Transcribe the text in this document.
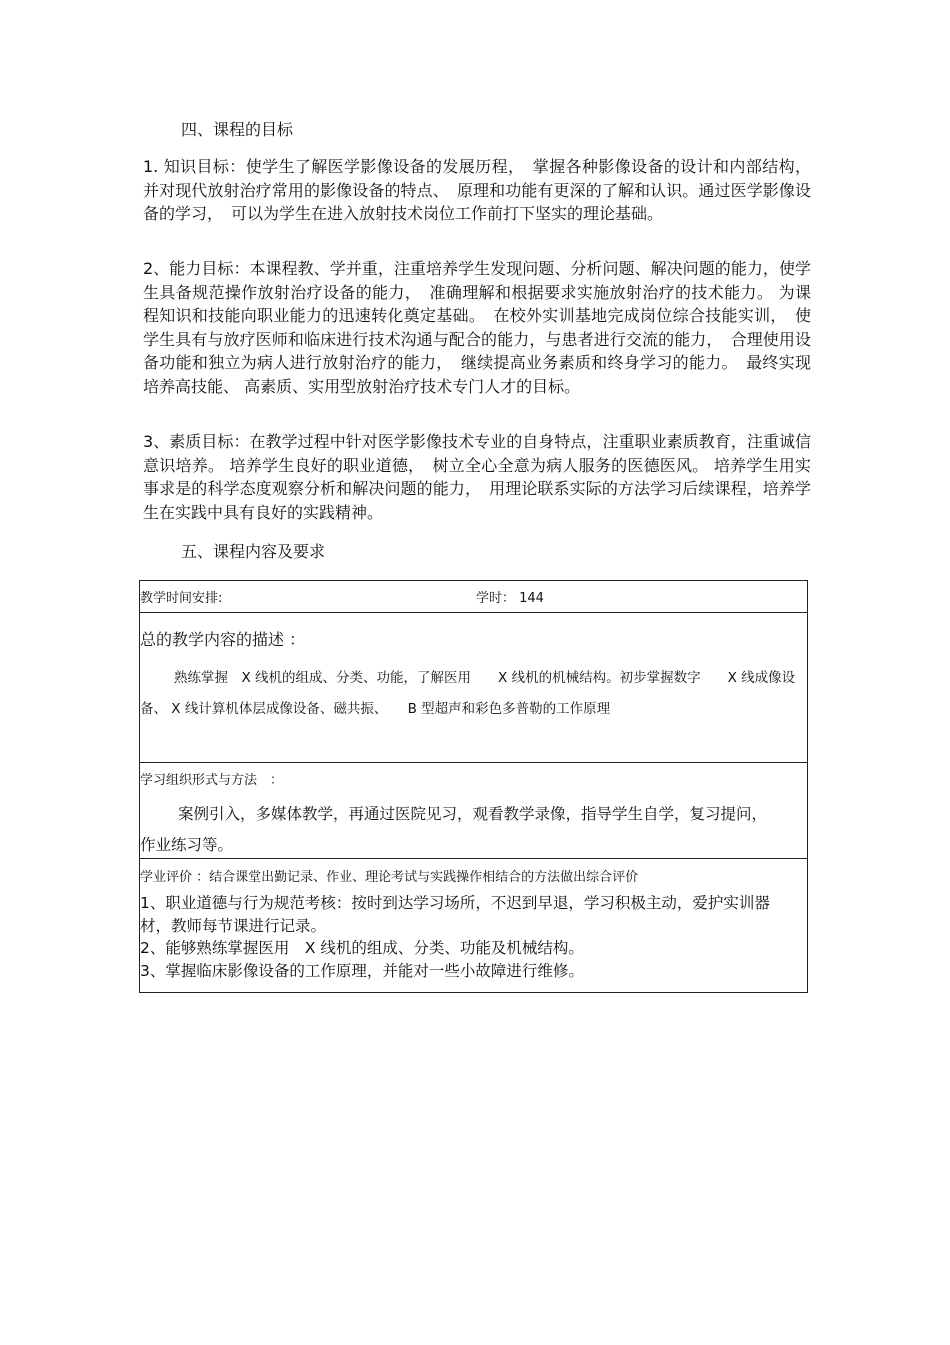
四、课程的目标
1. 知识目标：使学生了解医学影像设备的发展历程，　掌握各种影像设备的设计和内部结构，并对现代放射治疗常用的影像设备的特点、　原理和功能有更深的了解和认识。通过医学影像设备的学习，　可以为学生在进入放射技术岗位工作前打下坚实的理论基础。
2、能力目标：本课程教、学并重，注重培养学生发现问题、分析问题、解决问题的能力，使学生具备规范操作放射治疗设备的能力，　准确理解和根据要求实施放射治疗的技术能力。 为课程知识和技能向职业能力的迅速转化奠定基础。　在校外实训基地完成岗位综合技能实训，　使学生具有与放疗医师和临床进行技术沟通与配合的能力，与患者进行交流的能力，　合理使用设备功能和独立为病人进行放射治疗的能力，　继续提高业务素质和终身学习的能力。　最终实现培养高技能、 高素质、实用型放射治疗技术专门人才的目标。
3、素质目标：在教学过程中针对医学影像技术专业的自身特点，注重职业素质教育，注重诚信意识培养。 培养学生良好的职业道德，　树立全心全意为病人服务的医德医风。 培养学生用实事求是的科学态度观察分析和解决问题的能力，　用理论联系实际的方法学习后续课程，培养学生在实践中具有良好的实践精神。
五、课程内容及要求
教学时间安排:	学时： 144
总的教学内容的描述 ：
熟练掌握　X 线机的组成、分类、功能，了解医用　　X 线机的机械结构。初步掌握数字　　X 线成像设备、 X 线计算机体层成像设备、磁共振、　　B 型超声和彩色多普勒的工作原理
学习组织形式与方法　：
案例引入，多媒体教学，再通过医院见习，观看教学录像，指导学生自学，复习提问，作业练习等。
学业评价 ：结合课堂出勤记录、作业、理论考试与实践操作相结合的方法做出综合评价

1、职业道德与行为规范考核：按时到达学习场所，不迟到早退，学习积极主动，爱护实训器材，教师每节课进行记录。

2、能够熟练掌握医用　X 线机的组成、分类、功能及机械结构。

3、掌握临床影像设备的工作原理，并能对一些小故障进行维修。
